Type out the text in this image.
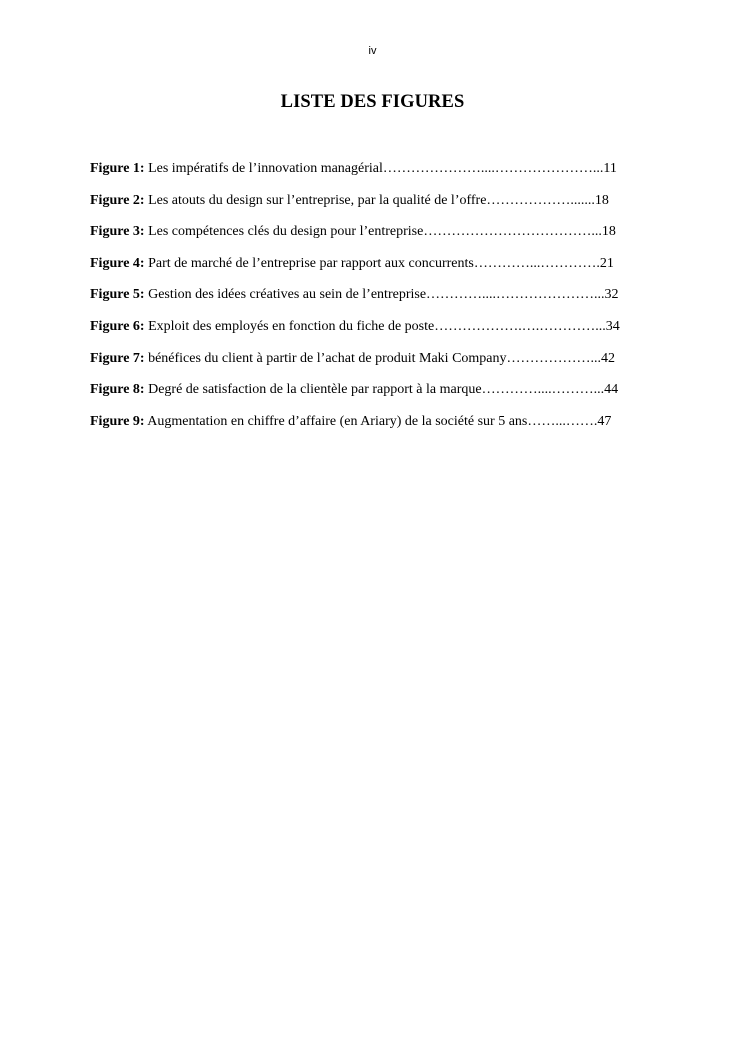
iv
LISTE DES FIGURES
Figure 1: Les impératifs de l’innovation managérial…………………....…………………...11
Figure 2: Les atouts du design sur l’entreprise, par la qualité de l’offre……………….......18
Figure 3: Les compétences clés du design pour l’entreprise………………………………...18
Figure 4: Part de marché de l’entreprise par rapport aux concurrents…………...………….21
Figure 5: Gestion des idées créatives au sein de l’entreprise…………....…………………...32
Figure 6: Exploit des employés en fonction du fiche de poste……………….….…………...34
Figure 7: bénéfices du client à partir de l’achat de produit Maki Company………………...42
Figure 8: Degré de satisfaction de la clientèle par rapport à la marque…………....………...44
Figure 9: Augmentation en chiffre d’affaire (en Ariary) de la société sur 5 ans……...…….47
